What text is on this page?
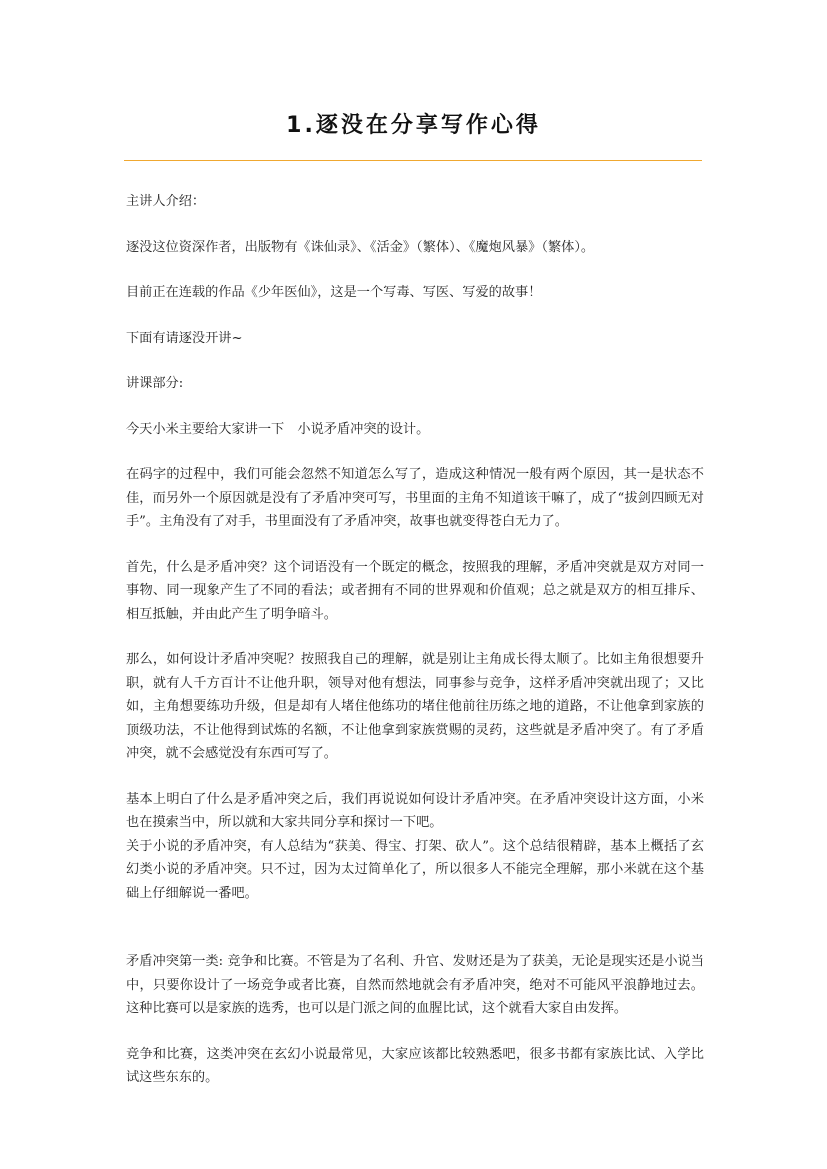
1.逐没在分享写作心得

主讲人介绍：

逐没这位资深作者，出版物有《诛仙录》、《活金》（繁体）、《魔炮风暴》（繁体）。

目前正在连载的作品《少年医仙》，这是一个写毒、写医、写爱的故事！

下面有请逐没开讲~

讲课部分:

今天小米主要给大家讲一下　小说矛盾冲突的设计。

在码字的过程中，我们可能会忽然不知道怎么写了，造成这种情况一般有两个原因，其一是状态不佳，而另外一个原因就是没有了矛盾冲突可写，书里面的主角不知道该干嘛了，成了“拔剑四顾无对手”。主角没有了对手，书里面没有了矛盾冲突，故事也就变得苍白无力了。

首先，什么是矛盾冲突？这个词语没有一个既定的概念，按照我的理解，矛盾冲突就是双方对同一事物、同一现象产生了不同的看法；或者拥有不同的世界观和价值观；总之就是双方的相互排斥、相互抵触，并由此产生了明争暗斗。

那么，如何设计矛盾冲突呢？按照我自己的理解，就是别让主角成长得太顺了。比如主角很想要升职，就有人千方百计不让他升职，领导对他有想法，同事参与竞争，这样矛盾冲突就出现了；又比如，主角想要练功升级，但是却有人堵住他练功的堵住他前往历练之地的道路，不让他拿到家族的顶级功法，不让他得到试炼的名额，不让他拿到家族赏赐的灵药，这些就是矛盾冲突了。有了矛盾冲突，就不会感觉没有东西可写了。

基本上明白了什么是矛盾冲突之后，我们再说说如何设计矛盾冲突。在矛盾冲突设计这方面，小米也在摸索当中，所以就和大家共同分享和探讨一下吧。

关于小说的矛盾冲突，有人总结为“获美、得宝、打架、砍人”。这个总结很精辟，基本上概括了玄幻类小说的矛盾冲突。只不过，因为太过简单化了，所以很多人不能完全理解，那小米就在这个基础上仔细解说一番吧。

矛盾冲突第一类: 竞争和比赛。不管是为了名利、升官、发财还是为了获美，无论是现实还是小说当中，只要你设计了一场竞争或者比赛，自然而然地就会有矛盾冲突，绝对不可能风平浪静地过去。这种比赛可以是家族的选秀，也可以是门派之间的血腥比试，这个就看大家自由发挥。

竞争和比赛，这类冲突在玄幻小说最常见，大家应该都比较熟悉吧，很多书都有家族比试、入学比试这些东东的。
